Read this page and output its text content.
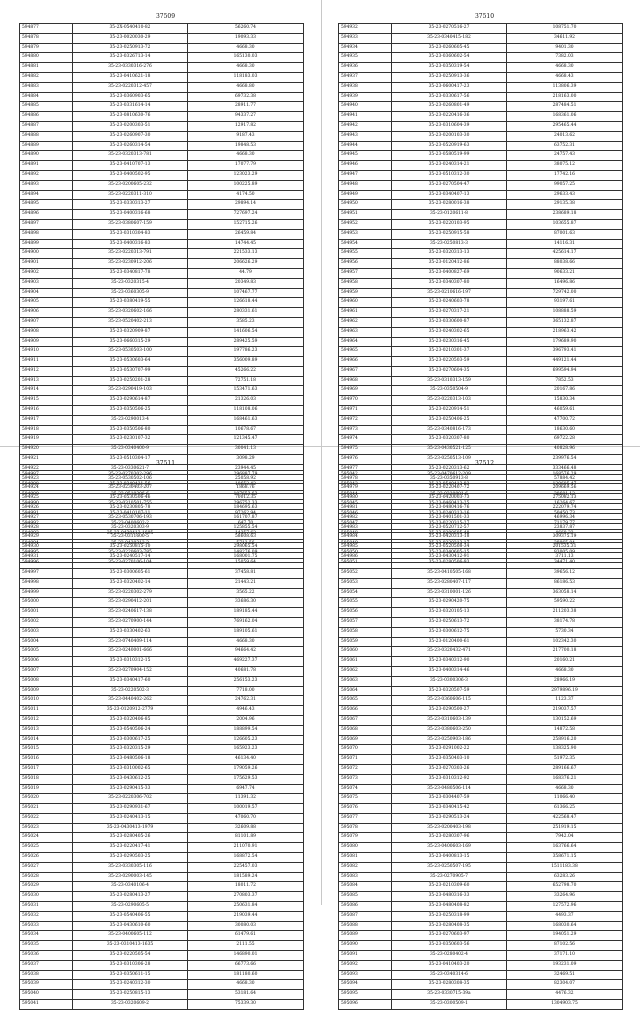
37509
594877	35-2X-0540410-82	56260.74
594878	35-23-0020030-29	19093.33
594879	35-23-0250913-72	4668.30
594880	35-23-0326713-14	165130.03
594881	35-23-0330316-276	4668.30
594882	35-23-0410621-18	118183.03
594883	35-23-0220312-457	4668.80
594884	35-23-0360903-65	69732.38
594885	35-23-0331614-14	28911.77
594886	35-23-0810630-76	94337.27
594887	35-23-0200303-51	12917.82
594888	35-23-0260907-30	9187.43
594889	35-23-0260314-54	19848.53
594890	35-23-0320313-781	4668.30
594891	35-23-0410707-13	17077.79
594892	35-23-0400502-95	123023.29
594893	35-23-0200605-232	100225.89
594894	35-23-0220311-310	4174.50
594895	35-23-0330313-27	29894.14
594896	35-23-0400316-68	727697.24
594897	35-23-0380607-159	152715.26
594898	35-23-0310304-83	26459.84
594899	35-23-0400316-83	14744.45
594900	35-23-0220313-791	221533.13
594901	35-23-0230912-206	206626.29
594902	35-23-0340817-78	44.79
594903	35-23-0320315-4	20349.83
594904	35-23-0360305-9	107467.77
594905	35-23-0380419-55	126618.44
594906	35-23-0320602-166	280331.61
594907	35-23-0520402-213	3585.23
594908	35-23-0320909-87	141606.54
594909	35-23-0660315-29	289425.59
594910	35-23-0530503-100	197786.23
594911	35-23-0530603-64	356009.89
594912	35-23-0530707-99	45266.22
594913	35-23-0250201-28	72751.18
594914	35-23-0290419-103	153471.63
594915	35-23-0290614-87	21326.03
594916	35-23-0350506-25	118108.06
594917	35-23-0290013-4	168461.63
594918	35-23-0350506-80	10678.67
594919	35-23-0230107-32	121345.47
594920	35-23-0340400-9	30041.13
594921	35-23-0510304-17	3098.29
594922	35-23-0330621-7	23944.45
594923	35-23-0530502-106	25058.92
594924	35-23-0230403-207	1868.76
594925	35-23-0530506-46	70012.35
594926	35-23-0230805-78	184695.63
594927	35-23-0530706-193	161707.87
594928	35-23-0320303-9	125855.54
594929	35-23-0311600-5	58608.63
594930	35-23-0250815-10	298065.54
594931	35-23-0240517-14	168001.75
37510
594932	35-23-0270516-27	108751.70
594933	35-23-0340415-182	34611.92
594934	35-23-0260605-45	9401.30
594935	35-23-0360602-54	7382.03
594936	35-23-0350319-54	4668.30
594937	35-23-0250913-36	4668.43
594938	35-23-0600417-23	113806.39
594939	35-23-0330617-56	218163.00
594940	35-23-0260801-49	287484.51
594941	35-23-0220416-36	168361.06
594942	35-23-0310604-39	295465.44
594943	35-23-0200103-30	24013.62
594944	35-23-0520919-63	63752.31
594945	35-23-0580519-99	24757.43
594946	35-23-0240314-21	38075.12
594947	35-23-0510312-30	17742.16
594948	35-23-0270504-47	99057.25
594949	35-23-0340407-13	29633.43
594950	35-23-0280016-38	29135.38
594951	35-23-0120611-8	238689.18
594952	35-23-0220103-95	103655.87
594953	35-23-0250915-58	87001.63
594954	35-23-0250813-3	14116.31
594955	35-23-0320313-13	425614.17
594956	35-23-0120412-86	88038.66
594957	35-23-0400827-69	90633.21
594958	35-23-0340307-80	16496.86
594959	35-23-0210616-197	729742.00
594960	35-23-0240603-78	93197.61
594961	35-23-0270317-21	108888.59
594962	35-23-0330600-87	365132.87
594963	35-23-0240302-65	218963.42
594964	35-23-0230316-45	179689.90
594965	35-23-0210301-37	396793.41
594966	35-23-0220503-59	449121.44
594967	35-23-0270604-35	699594.94
594968	35-23-0310313-159	7852.53
594969	35-23-0350504-9	20167.86
594970	35-23-0220313-103	15830.34
594971	35-23-0220914-51	46059.61
594972	35-23-0250406-25	47700.72
594973	35-23-0340816-173	18630.60
594974	35-23-0320307-80	69722.28
594975	35-23-0430521-125	40828.96
594976	35-23-0250513-109	239976.54
594977	35-23-0220313-62	333466.48
594978	35-23-0350913-8	57884.42
594979	35-23-0220407-72	209669.56
594980	35-23-0420003-73	275082.13
594981	35-23-0480416-76	222079.74
594982	35-23-0401501-33	46996.34
594983	35-23-0520712-57	23837.87
594984	35-23-0420313-18	309375.19
594985	35-23-0520508-34	201535.31
594986	35-23-0430412-91	3711.13
37511
594987	35-23-0270302-296	296887.79
594988	35-23-0340421-56	10652.42
594989	35-23-0510306-6	107653.63
594990	35-23-0310501-755	296752.33
594991	35-23-0410107-11	97262.94
594992	35-23-0400602-2	647.70
594993	35-23-0430413-1695	14357.63
594994	35-23-0420312-2	5712.56
594995	35-23-0220603-785	148276.09
594996	35-23-0270106-104	15059.64
594997	35-23-0300605-61	37458.81
594998	35-23-0320402-14	21443.21
594999	35-23-0220302-279	3565.22
595000	35-23-0290412-201	33686.30
595001	35-23-0240617-138	189185.44
595002	35-23-0270900-144	769162.04
595003	35-23-0330402-63	189105.61
595004	35-23-0740409-114	4668.30
595005	35-23-0240001-666	94664.42
595006	35-23-0310312-15	469227.37
595007	35-23-0270904-152	40681.78
595008	35-23-0340417-60	256153.23
595009	35-23-0220502-3	7718.00
595010	35-23-0440402-262	24762.31
595011	35-23-0120912-2779	4946.43
595012	35-23-0320406-85	2004.96
595013	35-23-0540506-24	188899.54
595014	35-23-0300617-25	126605.23
595015	35-23-0320315-29	165923.23
595016	35-23-0480506-18	46134.40
595017	35-23-0310002-65	179059.26
595018	35-23-0430612-25	175629.53
595019	35-23-0290415-33	6947.74
595020	35-23-0220306-702	11391.32
595021	35-23-0290931-67	100019.57
595022	35-23-0240413-15	47060.70
595023	35-23-0430413-1979	32609.88
595024	35-23-0280405-26	81101.89
595025	35-23-0220417-41	211070.91
595026	35-23-0290503-25	168872.54
595027	35-23-0330305-116	225457.03
595028	35-23-0290003-145	181589.24
595029	35-23-0340106-4	18011.72
595030	35-23-0280413-27	270803.37
595031	35-23-0290605-5	250631.84
595032	35-23-0540406-55	219039.44
595033	35-23-0430610-60	30080.03
595034	35-23-0400605-112	61479.61
595035	35-23-0310413-1635	2111.55
595036	35-23-0220505-54	146890.01
595037	35-23-0310306-28	66773.66
595038	35-23-0350611-15	181180.60
595039	35-23-0240312-30	4668.30
595040	35-23-0250815-13	53181.64
595041	35-23-0320609-2	75339.30
37512
595042	35-23-0470612-209	168576.29
595043	35-23-0540413-83	120605.47
595044	35-23-0320801-6	30681.12
595045	35-23-0460413-25	16264.67
595046	35-23-0240313-16	50450.73
595047	35-23-0220315-27	71179.77
595048	35-23-0200605-48	4669.33
595049	35-23-0220313-17	28965.04
595050	35-23-0340605-15	83005.09
595051	35-23-0280506-93	34471.40
595052	35-23-0410505-168	39656.12
595053	35-23-0280407-117	86186.53
595054	35-23-0310001-126	363058.14
595055	35-23-0290420-75	59590.22
595056	35-23-0320105-13	211203.38
595057	35-23-0250613-72	38174.78
595058	35-23-0300612-75	5730.34
595059	35-23-0120400-61	102342.30
595060	35-23-0320432-471	217700.18
595061	35-23-0340312-90	20160.21
595062	35-23-0400314-46	4668.30
595063	35-23-0300306-3	28966.19
595064	35-23-0320507-59	2979896.19
595065	35-23-0360606-115	1123.37
595066	35-23-0290500-27	219037.57
595067	35-23-0310603-139	130152.69
595068	35-23-0380603-250	14872.58
595069	35-23-0250903-186	258916.20
595070	35-23-0291002-22	138325.90
595071	35-23-0350403-10	51972.35
595072	35-23-0270303-26	289166.67
595073	35-23-0310312-92	168376.21
595074	35-23-0480506-114	4668.30
595075	35-23-0304407-59	11066.40
595076	35-23-0340415-42	61366.25
595077	35-23-0290513-24	422568.47
595078	35-23-0200403-198	251919.15
595079	35-23-0280307-96	7942.04
595080	35-23-0400603-169	163766.64
595081	35-23-0400813-15	358671.15
595082	35-23-0250507-195	1511183.38
595083	35-23-0270905-7	63283.26
595084	35-23-0210309-60	652798.70
595085	35-23-0480316-33	33264.96
595086	35-23-0480408-82	127572.96
595087	35-23-0250318-99	4493.37
595088	35-23-0280408-35	168030.64
595089	35-23-0270603-97	194051.29
595090	35-23-0350603-56	87102.56
595091	35-23-0280402-4	37171.10
595092	35-23-0410403-20	193231.09
595093	35-23-0340314-6	32469.51
595094	35-23-0280308-35	82304.07
595095	35-23-0330715-39a	4476.32
595096	35-23-0300509-1	1304903.75
